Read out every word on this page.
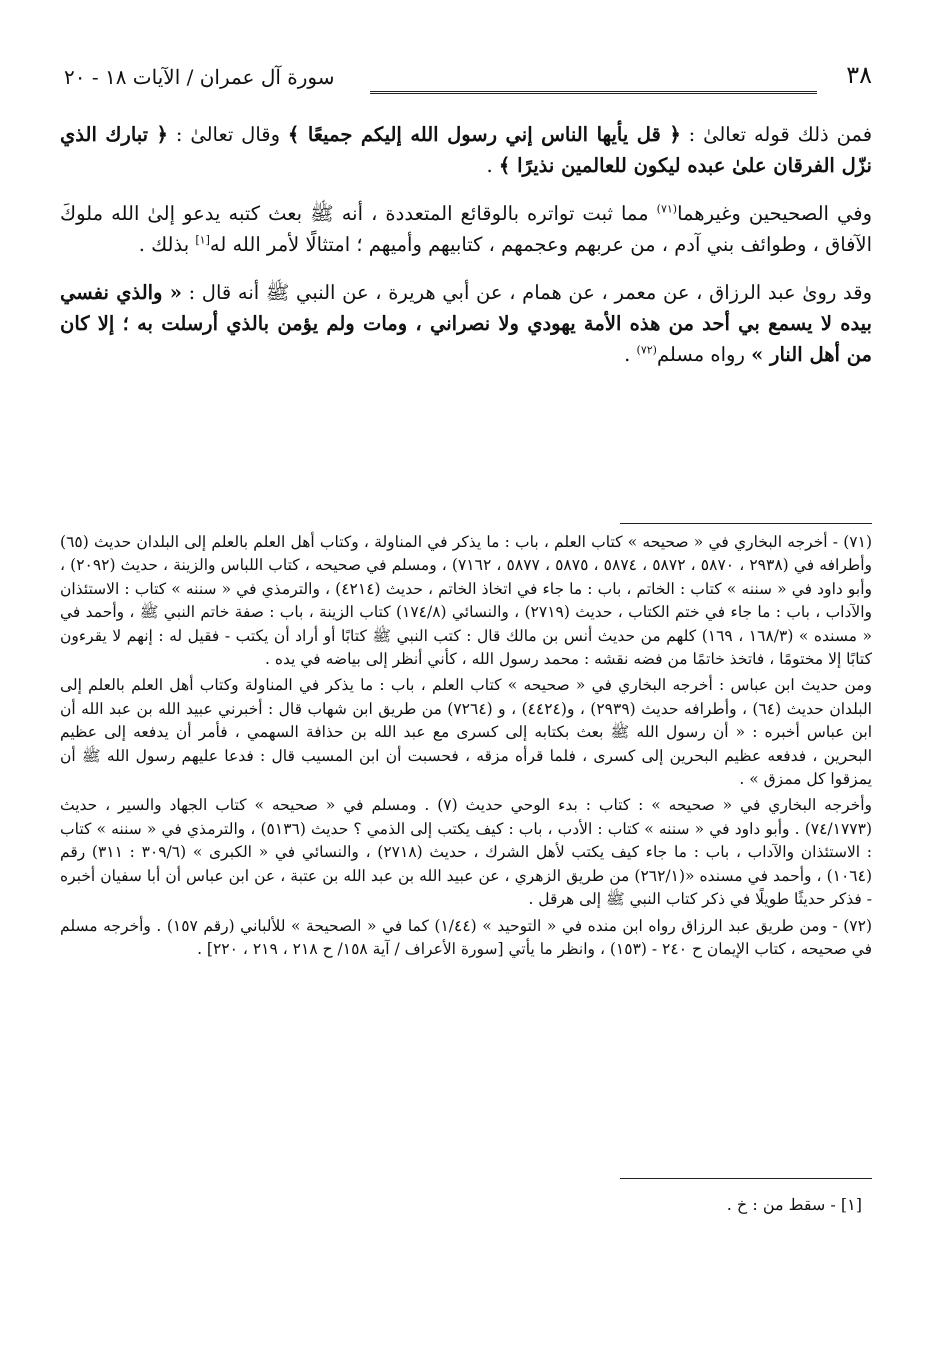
٣٨
سورة آل عمران / الآيات ١٨ - ٢٠

فمن ذلك قوله تعالىٰ : ﴿ قل يأيها الناس إني رسول الله إليكم جميعًا ﴾ وقال تعالىٰ : ﴿ تبارك الذي نزّل الفرقان علىٰ عبده ليكون للعالمين نذيرًا ﴾ .

وفي الصحيحين وغيرهما$^{(٧١)}$ مما ثبت تواتره بالوقائع المتعددة ، أنه ﷺ بعث كتبه يدعو إلىٰ الله ملوكَ الآفاق ، وطوائف بني آدم ، من عربهم وعجمهم ، كتابيهم وأميهم ؛ امتثالًا لأمر الله له[١] بذلك .

وقد روىٰ عبد الرزاق ، عن معمر ، عن همام ، عن أبي هريرة ، عن النبي ﷺ أنه قال : « والذي نفسي بيده لا يسمع بي أحد من هذه الأمة يهودي ولا نصراني ، ومات ولم يؤمن بالذي أرسلت به ؛ إلا كان من أهل النار » رواه مسلم$^{(٧٢)}$ .

(٧١) - أخرجه البخاري في « صحيحه » كتاب العلم ، باب : ما يذكر في المناولة ، وكتاب أهل العلم بالعلم إلى البلدان حديث (٦٥) وأطرافه في (٢٩٣٨ ، ٥٨٧٠ ، ٥٨٧٢ ، ٥٨٧٤ ، ٥٨٧٥ ، ٥٨٧٧ ، ٧١٦٢) ، ومسلم في صحيحه ، كتاب اللباس والزينة ، حديث (٢٠٩٢) ، وأبو داود في « سننه » كتاب : الخاتم ، باب : ما جاء في اتخاذ الخاتم ، حديث (٤٢١٤) ، والترمذي في « سننه » كتاب : الاستئذان والآداب ، باب : ما جاء في ختم الكتاب ، حديث (٢٧١٩) ، والنسائي (١٧٤/٨) كتاب الزينة ، باب : صفة خاتم النبي ﷺ ، وأحمد في « مسنده » (١٦٨/٣ ، ١٦٩) كلهم من حديث أنس بن مالك قال : كتب النبي ﷺ كتابًا أو أراد أن يكتب - فقيل له : إنهم لا يقرءون كتابًا إلا مختومًا ، فاتخذ خاتمًا من فضه نقشه : محمد رسول الله ، كأني أنظر إلى بياضه في يده .

ومن حديث ابن عباس : أخرجه البخاري في « صحيحه » كتاب العلم ، باب : ما يذكر في المناولة وكتاب أهل العلم بالعلم إلى البلدان حديث (٦٤) ، وأطرافه حديث (٢٩٣٩) ، و(٤٤٢٤) ، و (٧٢٦٤) من طريق ابن شهاب قال : أخبرني عبيد الله بن عبد الله أن ابن عباس أخبره : « أن رسول الله ﷺ بعث بكتابه إلى كسرى مع عبد الله بن حذافة السهمي ، فأمر أن يدفعه إلى عظيم البحرين ، فدفعه عظيم البحرين إلى كسرى ، فلما قرأه مزقه ، فحسبت أن ابن المسيب قال : فدعا عليهم رسول الله ﷺ أن يمزقوا كل ممزق » .

وأخرجه البخاري في « صحيحه » : كتاب : بدء الوحي حديث (٧) . ومسلم في « صحيحه » كتاب الجهاد والسير ، حديث (٧٤/١٧٧٣) . وأبو داود في « سننه » كتاب : الأدب ، باب : كيف يكتب إلى الذمي ؟ حديث (٥١٣٦) ، والترمذي في « سننه » كتاب : الاستئذان والآداب ، باب : ما جاء كيف يكتب لأهل الشرك ، حديث (٢٧١٨) ، والنسائي في « الكبرى » (٣٠٩/٦ : ٣١١) رقم (١٠٦٤) ، وأحمد في مسنده «(٢٦٢/١) من طريق الزهري ، عن عبيد الله بن عبد الله بن عتبة ، عن ابن عباس أن أبا سفيان أخبره - فذكر حديثًا طويلًا في ذكر كتاب النبي ﷺ إلى هرقل .

(٧٢) - ومن طريق عبد الرزاق رواه ابن منده في « التوحيد » (١/٤٤) كما في « الصحيحة » للألباني (رقم ١٥٧) . وأخرجه مسلم في صحيحه ، كتاب الإيمان ح ٢٤٠ - (١٥٣) ، وانظر ما يأتي [سورة الأعراف / آية ١٥٨/ ح ٢١٨ ، ٢١٩ ، ٢٢٠] .

[١] - سقط من : خ .
